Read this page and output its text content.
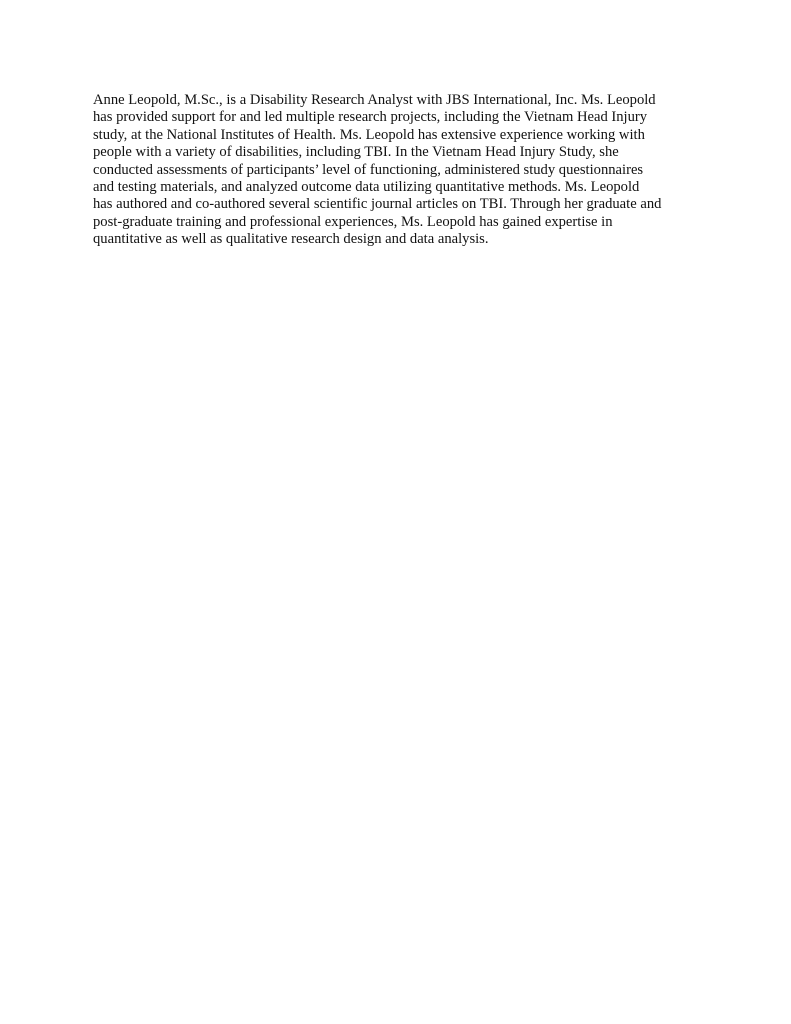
Anne Leopold, M.Sc., is a Disability Research Analyst with JBS International, Inc. Ms. Leopold
has provided support for and led multiple research projects, including the Vietnam Head Injury
study, at the National Institutes of Health. Ms. Leopold has extensive experience working with
people with a variety of disabilities, including TBI. In the Vietnam Head Injury Study, she
conducted assessments of participants’ level of functioning, administered study questionnaires
and testing materials, and analyzed outcome data utilizing quantitative methods. Ms. Leopold
has authored and co-authored several scientific journal articles on TBI. Through her graduate and
post-graduate training and professional experiences, Ms. Leopold has gained expertise in
quantitative as well as qualitative research design and data analysis.
